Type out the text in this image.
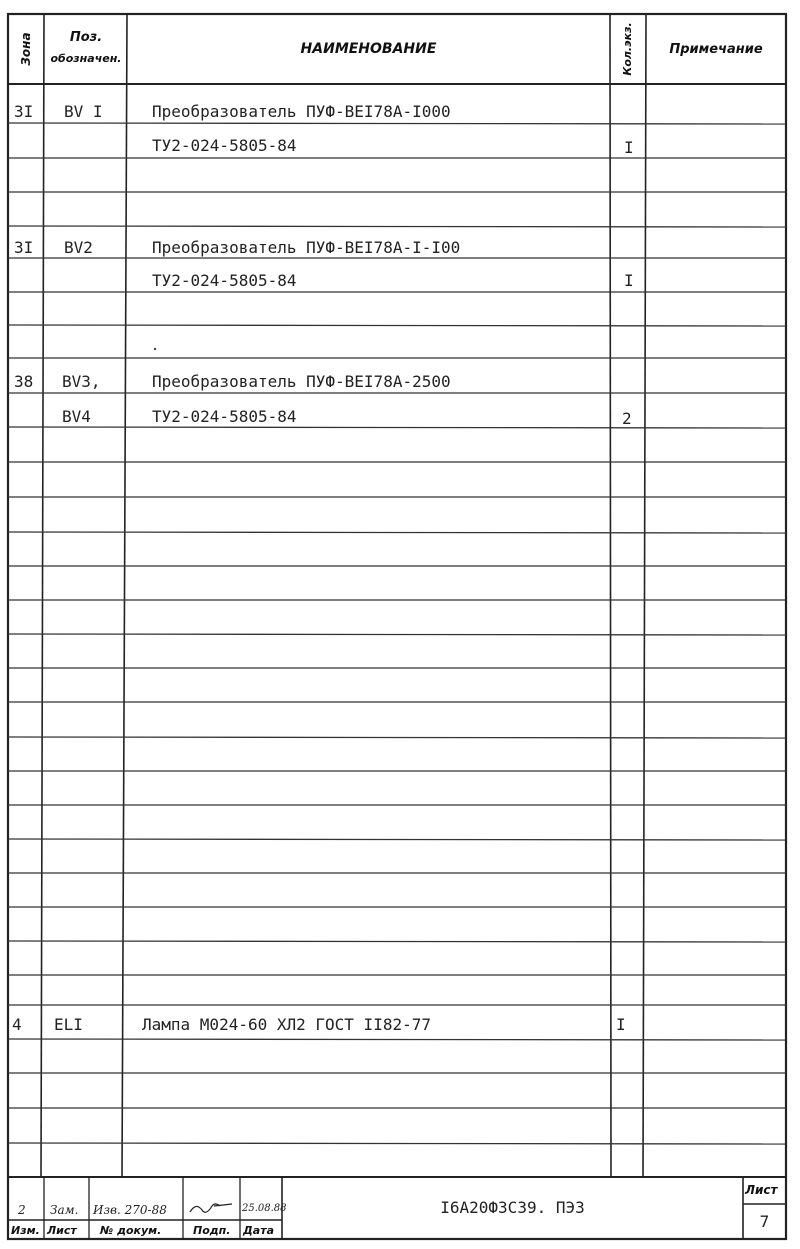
Зона	Поз.
обозначен.
НАИМЕНОВАНИЕ	Кол.экз.	Примечание
3I BV I	Преобразователь ПУФ-ВЕI78А-I000
ТУ2-024-5805-84	I
3I BV2	Преобразователь ПУФ-ВЕI78А-I-I00
ТУ2-024-5805-84	I
38 BV3,	Преобразователь ПУФ-ВЕI78А-2500
BV4	ТУ2-024-5805-84	2
4 ELI	Лампа М024-60 ХЛ2 ГОСТ II82-77	I
2 Зам. Изв. 270-88	25.08.88
Изм. Лист № докум.	Подп. Дата
I6А20Ф3С39. ПЭ3
Лист
7
